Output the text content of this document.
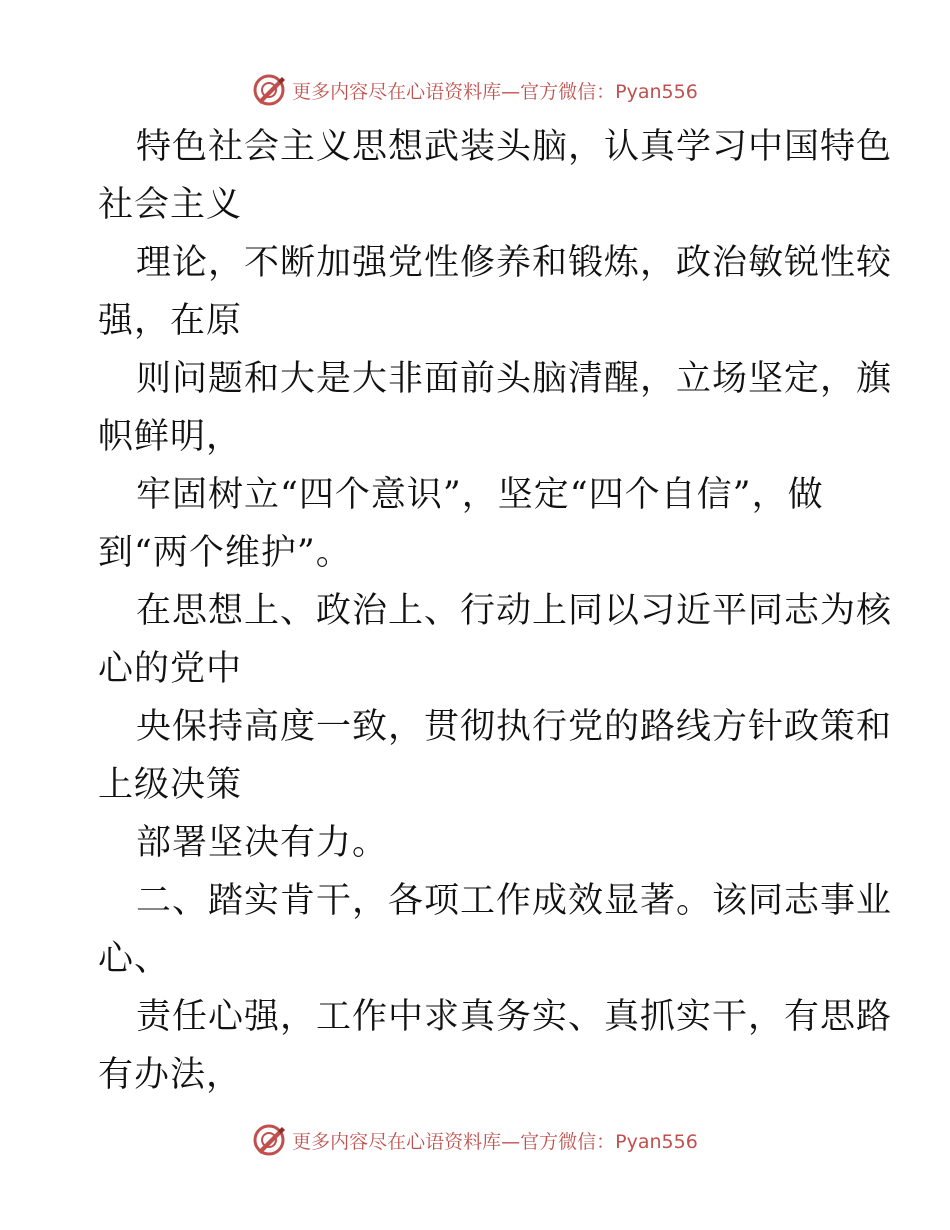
更多内容尽在心语资料库—官方微信：Pyan556
特色社会主义思想武装头脑，认真学习中国特色
社会主义
理论，不断加强党性修养和锻炼，政治敏锐性较
强，在原
则问题和大是大非面前头脑清醒，立场坚定，旗
帜鲜明，
牢固树立“四个意识”，坚定“四个自信”，做
到“两个维护”。
在思想上、政治上、行动上同以习近平同志为核
心的党中
央保持高度一致，贯彻执行党的路线方针政策和
上级决策
部署坚决有力。
二、踏实肯干，各项工作成效显著。该同志事业
心、
责任心强，工作中求真务实、真抓实干，有思路
有办法，
更多内容尽在心语资料库—官方微信：Pyan556
